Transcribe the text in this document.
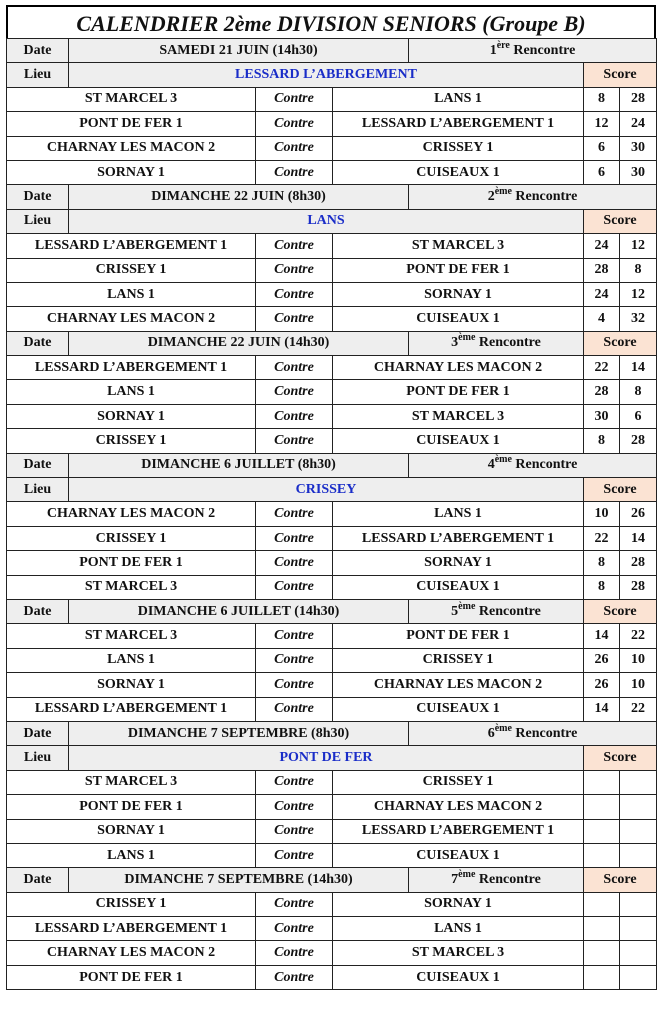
CALENDRIER 2ème DIVISION SENIORS (Groupe B)
Date	SAMEDI 21 JUIN (14h30)			1ère Rencontre		
Lieu	LESSARD L’ABERGEMENT				Score	
ST MARCEL 3		Contre	LANS 1		8	28
PONT DE FER 1		Contre	LESSARD L’ABERGEMENT 1		12	24
CHARNAY LES MACON 2		Contre	CRISSEY 1		6	30
SORNAY 1		Contre	CUISEAUX 1		6	30
Date	DIMANCHE 22 JUIN (8h30)			2ème Rencontre		
Lieu	LANS				Score	
LESSARD L’ABERGEMENT 1		Contre	ST MARCEL 3		24	12
CRISSEY 1		Contre	PONT DE FER 1		28	8
LANS 1		Contre	SORNAY 1		24	12
CHARNAY LES MACON 2		Contre	CUISEAUX 1		4	32
Date	DIMANCHE 22 JUIN (14h30)			3ème Rencontre	Score	
LESSARD L’ABERGEMENT 1		Contre	CHARNAY LES MACON 2		22	14
LANS 1		Contre	PONT DE FER 1		28	8
SORNAY 1		Contre	ST MARCEL 3		30	6
CRISSEY 1		Contre	CUISEAUX 1		8	28
Date	DIMANCHE 6 JUILLET (8h30)			4ème Rencontre		
Lieu	CRISSEY				Score	
CHARNAY LES MACON 2		Contre	LANS 1		10	26
CRISSEY 1		Contre	LESSARD L’ABERGEMENT 1		22	14
PONT DE FER 1		Contre	SORNAY 1		8	28
ST MARCEL 3		Contre	CUISEAUX 1		8	28
Date	DIMANCHE 6 JUILLET (14h30)			5ème Rencontre	Score	
ST MARCEL 3		Contre	PONT DE FER 1		14	22
LANS 1		Contre	CRISSEY 1		26	10
SORNAY 1		Contre	CHARNAY LES MACON 2		26	10
LESSARD L’ABERGEMENT 1		Contre	CUISEAUX 1		14	22
Date	DIMANCHE 7 SEPTEMBRE (8h30)			6ème Rencontre		
Lieu	PONT DE FER				Score	
ST MARCEL 3		Contre	CRISSEY 1			
PONT DE FER 1		Contre	CHARNAY LES MACON 2			
SORNAY 1		Contre	LESSARD L’ABERGEMENT 1			
LANS 1		Contre	CUISEAUX 1			
Date	DIMANCHE 7 SEPTEMBRE (14h30)			7ème Rencontre	Score	
CRISSEY 1		Contre	SORNAY 1			
LESSARD L’ABERGEMENT 1		Contre	LANS 1			
CHARNAY LES MACON 2		Contre	ST MARCEL 3			
PONT DE FER 1		Contre	CUISEAUX 1			
